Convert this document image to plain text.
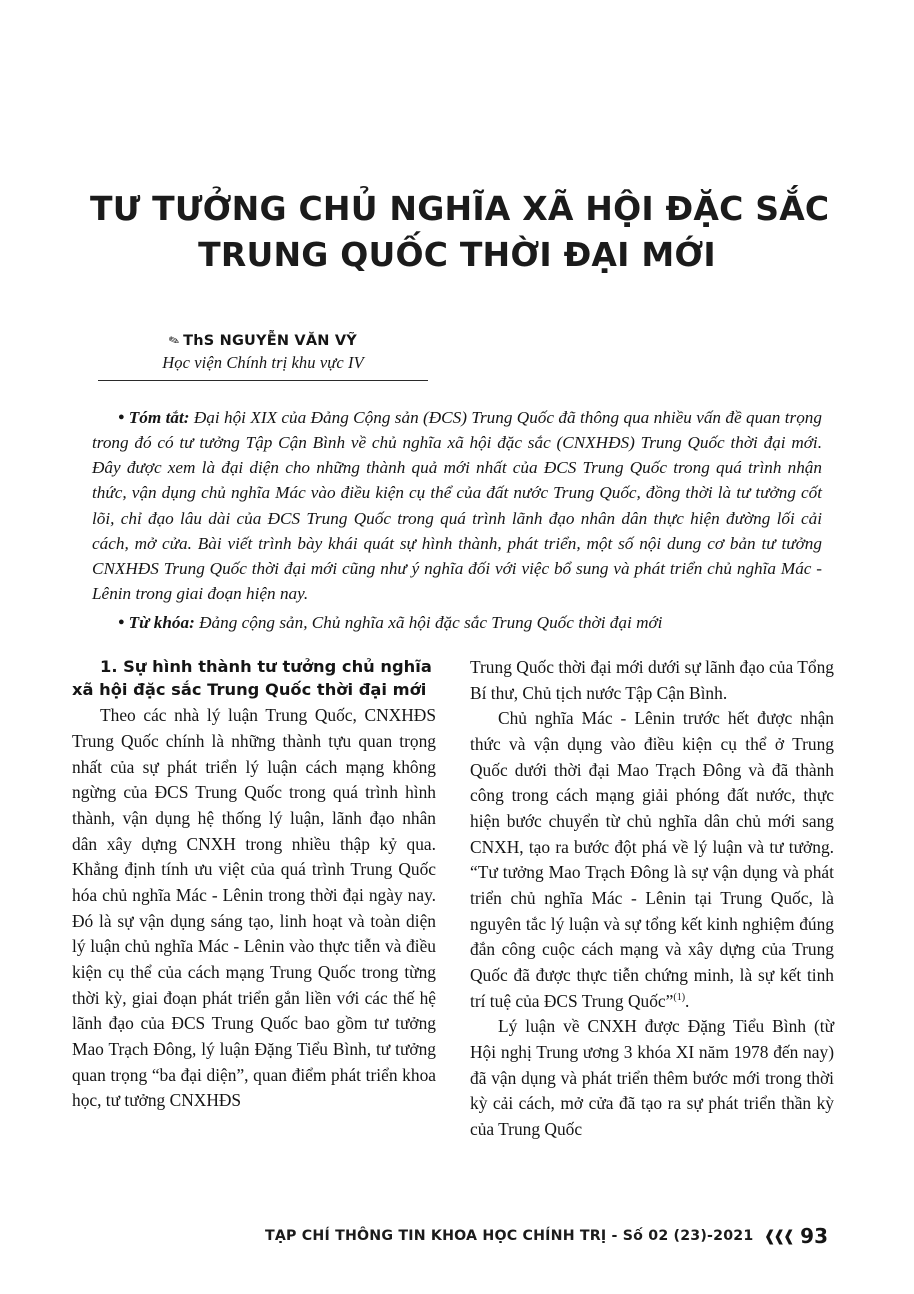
TƯ TƯỞNG CHỦ NGHĨA XÃ HỘI ĐẶC SẮC
TRUNG QUỐC THỜI ĐẠI MỚI
✎ThS NGUYỄN VĂN VỸ
Học viện Chính trị khu vực IV

● Tóm tắt: Đại hội XIX của Đảng Cộng sản (ĐCS) Trung Quốc đã thông qua nhiều vấn đề quan trọng trong đó có tư tưởng Tập Cận Bình về chủ nghĩa xã hội đặc sắc (CNXHĐS) Trung Quốc thời đại mới. Đây được xem là đại diện cho những thành quả mới nhất của ĐCS Trung Quốc trong quá trình nhận thức, vận dụng chủ nghĩa Mác vào điều kiện cụ thể của đất nước Trung Quốc, đồng thời là tư tưởng cốt lõi, chỉ đạo lâu dài của ĐCS Trung Quốc trong quá trình lãnh đạo nhân dân thực hiện đường lối cải cách, mở cửa. Bài viết trình bày khái quát sự hình thành, phát triển, một số nội dung cơ bản tư tưởng CNXHĐS Trung Quốc thời đại mới cũng như ý nghĩa đối với việc bổ sung và phát triển chủ nghĩa Mác - Lênin trong giai đoạn hiện nay.

● Từ khóa: Đảng cộng sản, Chủ nghĩa xã hội đặc sắc Trung Quốc thời đại mới

1. Sự hình thành tư tưởng chủ nghĩa xã hội đặc sắc Trung Quốc thời đại mới

Theo các nhà lý luận Trung Quốc, CNXHĐS Trung Quốc chính là những thành tựu quan trọng nhất của sự phát triển lý luận cách mạng không ngừng của ĐCS Trung Quốc trong quá trình hình thành, vận dụng hệ thống lý luận, lãnh đạo nhân dân xây dựng CNXH trong nhiều thập kỷ qua. Khẳng định tính ưu việt của quá trình Trung Quốc hóa chủ nghĩa Mác - Lênin trong thời đại ngày nay. Đó là sự vận dụng sáng tạo, linh hoạt và toàn diện lý luận chủ nghĩa Mác - Lênin vào thực tiễn và điều kiện cụ thể của cách mạng Trung Quốc trong từng thời kỳ, giai đoạn phát triển gắn liền với các thế hệ lãnh đạo của ĐCS Trung Quốc bao gồm tư tưởng Mao Trạch Đông, lý luận Đặng Tiểu Bình, tư tưởng quan trọng “ba đại diện”, quan điểm phát triển khoa học, tư tưởng CNXHĐS

Trung Quốc thời đại mới dưới sự lãnh đạo của Tổng Bí thư, Chủ tịch nước Tập Cận Bình.

Chủ nghĩa Mác - Lênin trước hết được nhận thức và vận dụng vào điều kiện cụ thể ở Trung Quốc dưới thời đại Mao Trạch Đông và đã thành công trong cách mạng giải phóng đất nước, thực hiện bước chuyển từ chủ nghĩa dân chủ mới sang CNXH, tạo ra bước đột phá về lý luận và tư tưởng. “Tư tưởng Mao Trạch Đông là sự vận dụng và phát triển chủ nghĩa Mác - Lênin tại Trung Quốc, là nguyên tắc lý luận và sự tổng kết kinh nghiệm đúng đắn công cuộc cách mạng và xây dựng của Trung Quốc đã được thực tiễn chứng minh, là sự kết tinh trí tuệ của ĐCS Trung Quốc”$^{(1)}$.

Lý luận về CNXH được Đặng Tiểu Bình (từ Hội nghị Trung ương 3 khóa XI năm 1978 đến nay) đã vận dụng và phát triển thêm bước mới trong thời kỳ cải cách, mở cửa đã tạo ra sự phát triển thần kỳ của Trung Quốc

TẠP CHÍ THÔNG TIN KHOA HỌC CHÍNH TRỊ - Số 02 (23)-2021 ❰❰❰ 93
